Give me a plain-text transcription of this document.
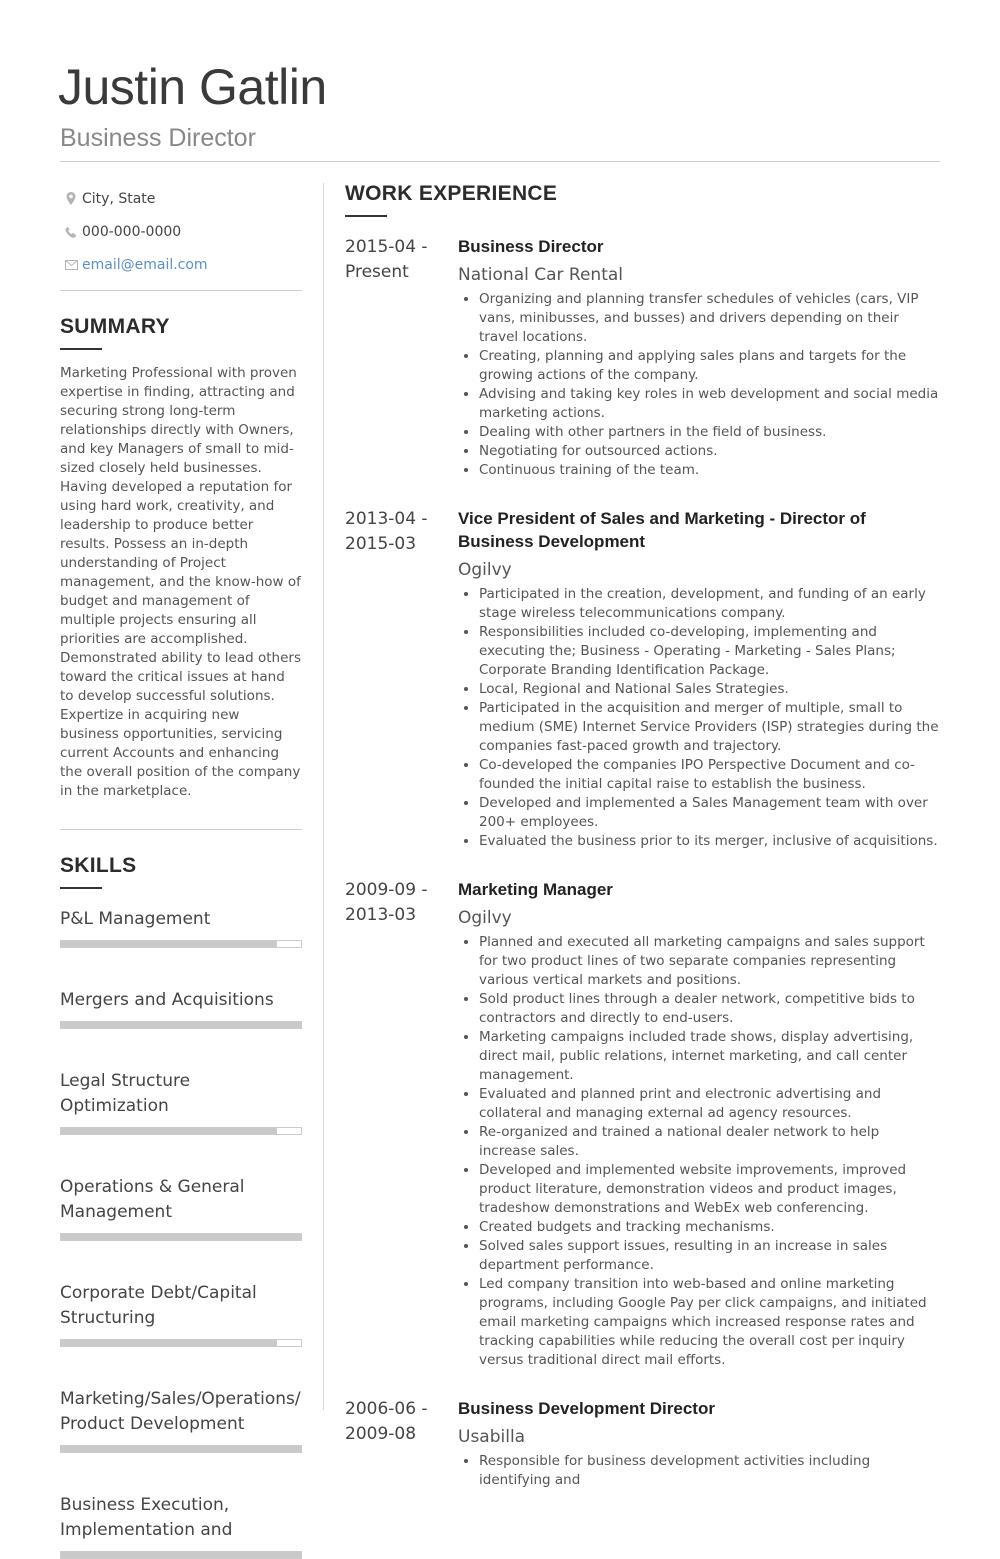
Justin Gatlin
Business Director
City, State
000-000-0000
email@email.com
SUMMARY

Marketing Professional with proven expertise in finding, attracting and securing strong long-term relationships directly with Owners, and key Managers of small to mid-sized closely held businesses. Having developed a reputation for using hard work, creativity, and leadership to produce better results. Possess an in-depth understanding of Project management, and the know-how of budget and management of multiple projects ensuring all priorities are accomplished. Demonstrated ability to lead others toward the critical issues at hand to develop successful solutions. Expertize in acquiring new business opportunities, servicing current Accounts and enhancing the overall position of the company in the marketplace.

SKILLS
P&L Management
Mergers and Acquisitions
Legal Structure Optimization
Operations & General Management
Corporate Debt/Capital Structuring
Marketing/Sales/Operations/ Product Development
Business Execution, Implementation and
WORK EXPERIENCE
2015-04 - Present
Business Director
National Car Rental
• Organizing and planning transfer schedules of vehicles (cars, VIP vans, minibusses, and busses) and drivers depending on their travel locations.
• Creating, planning and applying sales plans and targets for the growing actions of the company.
• Advising and taking key roles in web development and social media marketing actions.
• Dealing with other partners in the field of business.
• Negotiating for outsourced actions.
• Continuous training of the team.
2013-04 - 2015-03
Vice President of Sales and Marketing - Director of Business Development
Ogilvy
• Participated in the creation, development, and funding of an early stage wireless telecommunications company.
• Responsibilities included co-developing, implementing and executing the; Business - Operating - Marketing - Sales Plans; Corporate Branding Identification Package.
• Local, Regional and National Sales Strategies.
• Participated in the acquisition and merger of multiple, small to medium (SME) Internet Service Providers (ISP) strategies during the companies fast-paced growth and trajectory.
• Co-developed the companies IPO Perspective Document and co-founded the initial capital raise to establish the business.
• Developed and implemented a Sales Management team with over 200+ employees.
• Evaluated the business prior to its merger, inclusive of acquisitions.
2009-09 - 2013-03
Marketing Manager
Ogilvy
• Planned and executed all marketing campaigns and sales support for two product lines of two separate companies representing various vertical markets and positions.
• Sold product lines through a dealer network, competitive bids to contractors and directly to end-users.
• Marketing campaigns included trade shows, display advertising, direct mail, public relations, internet marketing, and call center management.
• Evaluated and planned print and electronic advertising and collateral and managing external ad agency resources.
• Re-organized and trained a national dealer network to help increase sales.
• Developed and implemented website improvements, improved product literature, demonstration videos and product images, tradeshow demonstrations and WebEx web conferencing.
• Created budgets and tracking mechanisms.
• Solved sales support issues, resulting in an increase in sales department performance.
• Led company transition into web-based and online marketing programs, including Google Pay per click campaigns, and initiated email marketing campaigns which increased response rates and tracking capabilities while reducing the overall cost per inquiry versus traditional direct mail efforts.
2006-06 - 2009-08
Business Development Director
Usabilla
• Responsible for business development activities including identifying and
